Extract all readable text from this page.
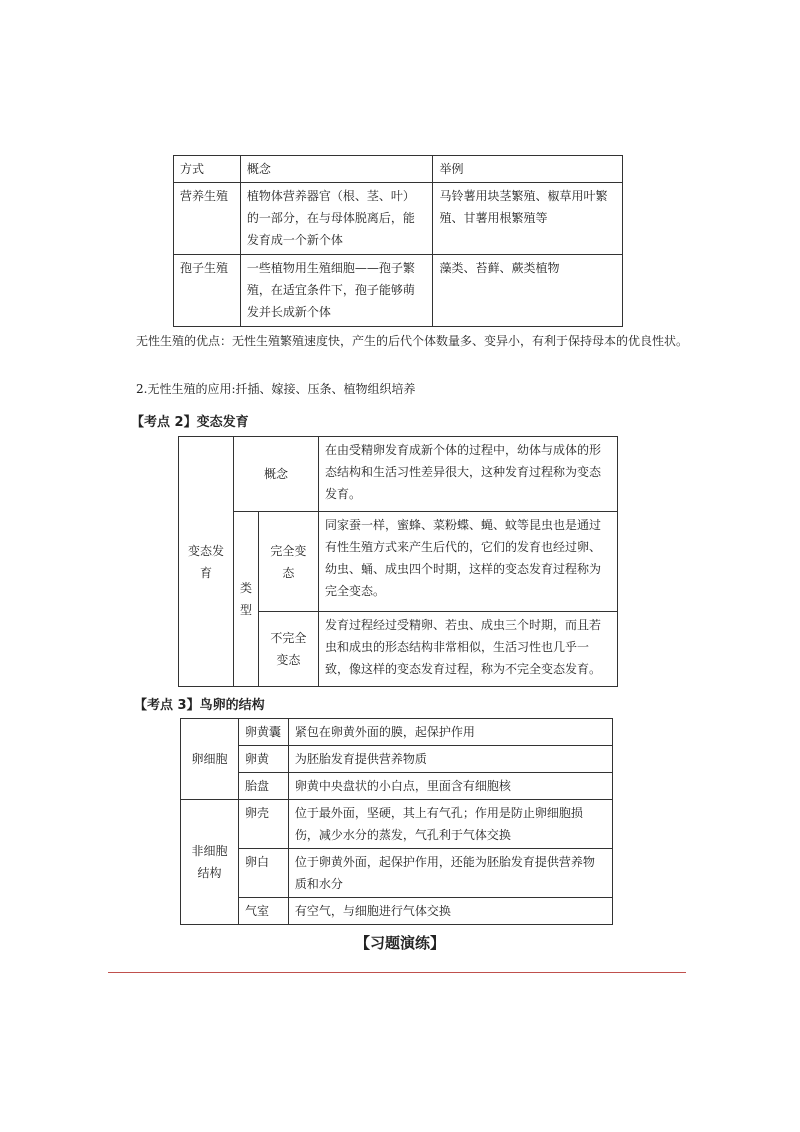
方式	概念	举例
营养生殖	植物体营养器官（根、茎、叶）的一部分，在与母体脱离后，能发育成一个新个体	马铃薯用块茎繁殖、椒草用叶繁殖、甘薯用根繁殖等
孢子生殖	一些植物用生殖细胞——孢子繁殖，在适宜条件下，孢子能够萌发并长成新个体	藻类、苔藓、蕨类植物
无性生殖的优点：无性生殖繁殖速度快，产生的后代个体数量多、变异小，有利于保持母本的优良性状。
2.无性生殖的应用:扦插、嫁接、压条、植物组织培养
【考点 2】变态发育
变态发育	概念		在由受精卵发育成新个体的过程中，幼体与成体的形态结构和生活习性差异很大，这种发育过程称为变态发育。
	类型	完全变态	同家蚕一样，蜜蜂、菜粉蝶、蝇、蚊等昆虫也是通过有性生殖方式来产生后代的，它们的发育也经过卵、幼虫、蛹、成虫四个时期，这样的变态发育过程称为完全变态。
		不完全变态	发育过程经过受精卵、若虫、成虫三个时期，而且若虫和成虫的形态结构非常相似，生活习性也几乎一致，像这样的变态发育过程，称为不完全变态发育。
【考点 3】鸟卵的结构
卵细胞	卵黄囊	紧包在卵黄外面的膜，起保护作用
	卵黄	为胚胎发育提供营养物质
	胎盘	卵黄中央盘状的小白点，里面含有细胞核
非细胞结构	卵壳	位于最外面，坚硬，其上有气孔；作用是防止卵细胞损伤，减少水分的蒸发，气孔利于气体交换
	卵白	位于卵黄外面，起保护作用，还能为胚胎发育提供营养物质和水分
	气室	有空气，与细胞进行气体交换
【习题演练】
